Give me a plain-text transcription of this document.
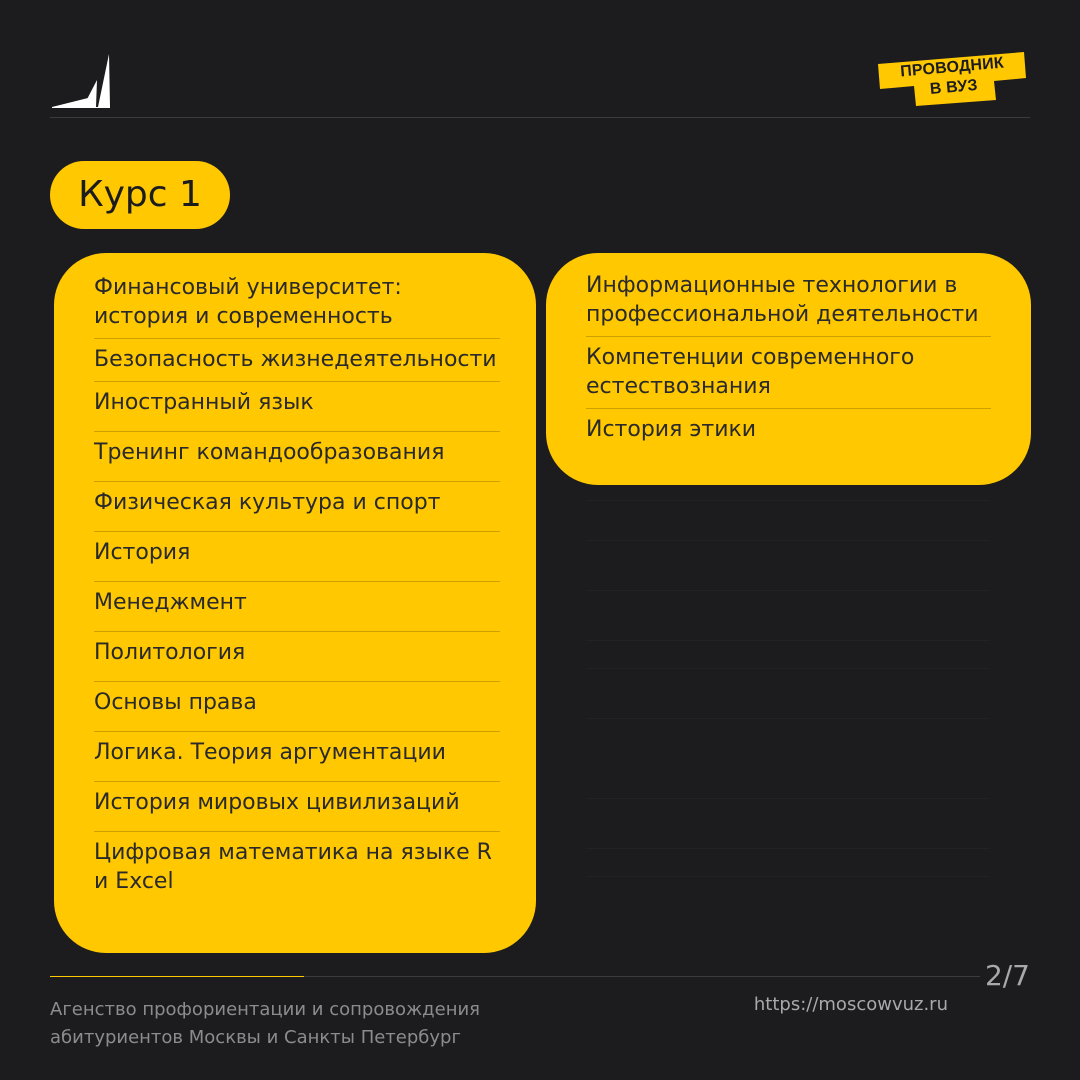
ПРОВОДНИК
В ВУЗ
Курс 1
Финансовый университет: история и современность
Безопасность жизнедеятельности
Иностранный язык
Тренинг командообразования
Физическая культура и спорт
История
Менеджмент
Политология
Основы права
Логика. Теория аргументации
История мировых цивилизаций
Цифровая математика на языке R и Excel
Информационные технологии в профессиональной деятельности
Компетенции современного естествознания
История этики
2/7
Агенство профориентации и сопровождения
абитуриентов Москвы и Санкты Петербург
https://moscowvuz.ru
